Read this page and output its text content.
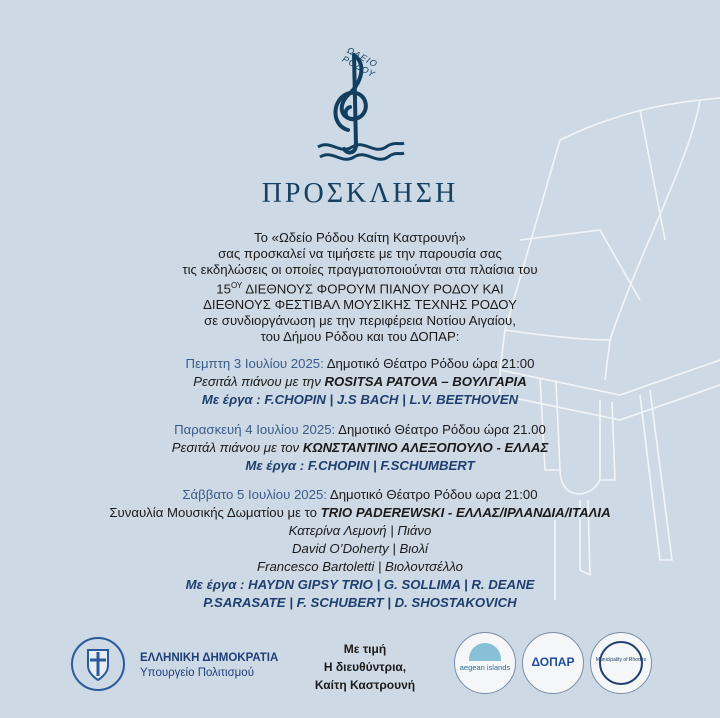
ΩΔΕΙΟ ΡΟΔΟΥ
ΠΡΟΣΚΛΗΣΗ
Το «Ωδείο Ρόδου Καίτη Καστρουνή»
σας προσκαλεί να τιμήσετε με την παρουσία σας
τις εκδηλώσεις οι οποίες πραγματοποιούνται στα πλαίσια του
$15^{O\Upsilon}$ ΔΙΕΘΝΟΥΣ ΦΟΡΟΥΜ ΠΙΑΝΟΥ ΡΟΔΟΥ ΚΑΙ
ΔΙΕΘΝΟΥΣ ΦΕΣΤΙΒΑΛ ΜΟΥΣΙΚΗΣ ΤΕΧΝΗΣ ΡΟΔΟΥ
σε συνδιοργάνωση με την περιφέρεια Νοτίου Αιγαίου,
του Δήμου Ρόδου και του ΔΟΠΑΡ:
Πεμπτη 3 Ιουλίου 2025: Δημοτικό Θέατρο Ρόδου ώρα 21:00
Ρεσιτάλ πιάνου με την ROSITSA PATOVA – ΒΟΥΛΓΑΡΙΑ
Με έργα : F.CHOPIN | J.S BACH | L.V. BEETHOVEN
Παρασκευή 4 Ιουλίου 2025: Δημοτικό Θέατρο Ρόδου ώρα 21.00
Ρεσιτάλ πιάνου με τον ΚΩΝΣΤΑΝΤΙΝΟ ΑΛΕΞΟΠΟΥΛΟ - ΕΛΛΑΣ
Με έργα : F.CHOPIN | F.SCHUMBERT
Σάββατο 5 Ιουλίου 2025: Δημοτικό Θέατρο Ρόδου ωρα 21:00
Συναυλία Μουσικής Δωματίου με το TRIO PADEREWSKI - ΕΛΛΑΣ/ΙΡΛΑΝΔΙΑ/ΙΤΑΛΙΑ
Κατερίνα Λεμονή | Πιάνο
David O’Doherty | Βιολί
Francesco Bartoletti | Βιολοντσέλλο
Με έργα : HAYDN GIPSY TRIO | G. SOLLIMA | R. DEANE
P.SARASATE | F. SCHUBERT | D. SHOSTAKOVICH
ΕΛΛΗΝΙΚΗ ΔΗΜΟΚΡΑΤΙΑ
Υπουργείο Πολιτισμού
Με τιμή
Η διευθύντρια,
Καίτη Καστρουνή
aegean islands	ΔΟΠΑΡ	Municipality of Rhodes
